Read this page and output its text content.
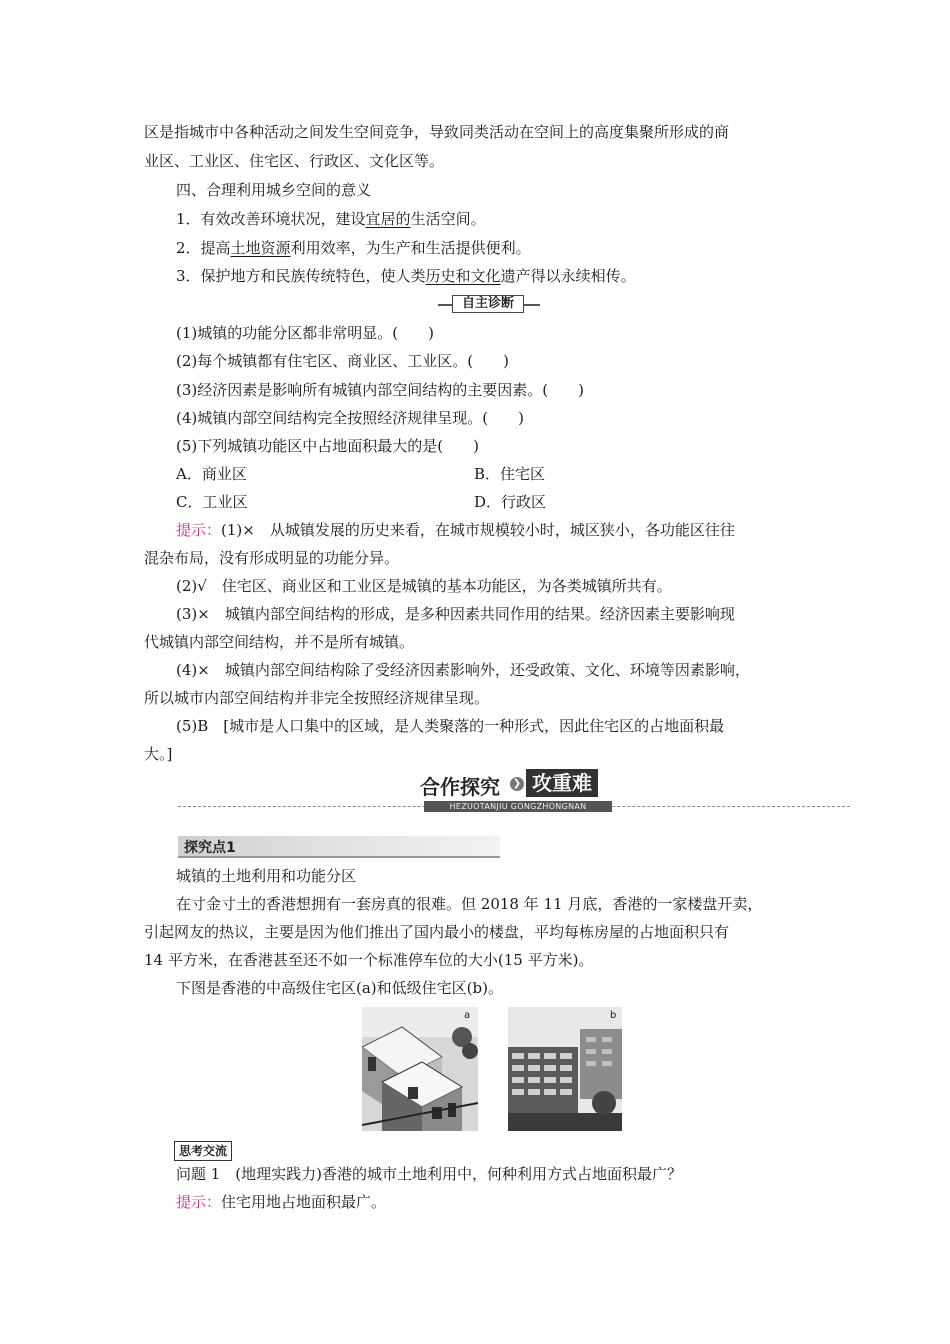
区是指城市中各种活动之间发生空间竞争，导致同类活动在空间上的高度集聚所形成的商
业区、工业区、住宅区、行政区、文化区等。
四、合理利用城乡空间的意义
1．有效改善环境状况，建设宜居的生活空间。
2．提高土地资源利用效率，为生产和生活提供便利。
3．保护地方和民族传统特色，使人类历史和文化遗产得以永续相传。
自主诊断
(1)城镇的功能分区都非常明显。(　　)
(2)每个城镇都有住宅区、商业区、工业区。(　　)
(3)经济因素是影响所有城镇内部空间结构的主要因素。(　　)
(4)城镇内部空间结构完全按照经济规律呈现。(　　)
(5)下列城镇功能区中占地面积最大的是(　　)
A．商业区	B．住宅区
C．工业区	D．行政区
提示：(1)×　从城镇发展的历史来看，在城市规模较小时，城区狭小，各功能区往往
混杂布局，没有形成明显的功能分异。
(2)√　住宅区、商业区和工业区是城镇的基本功能区，为各类城镇所共有。
(3)×　城镇内部空间结构的形成，是多种因素共同作用的结果。经济因素主要影响现
代城镇内部空间结构，并不是所有城镇。
(4)×　城镇内部空间结构除了受经济因素影响外，还受政策、文化、环境等因素影响，
所以城市内部空间结构并非完全按照经济规律呈现。
(5)B　[城市是人口集中的区域，是人类聚落的一种形式，因此住宅区的占地面积最
大。]
合作探究 ❯ 攻重难
HEZUOTANJIU GONGZHONGNAN
探究点1
城镇的土地利用和功能分区
在寸金寸土的香港想拥有一套房真的很难。但 2018 年 11 月底，香港的一家楼盘开卖，
引起网友的热议，主要是因为他们推出了国内最小的楼盘，平均每栋房屋的占地面积只有
14 平方米，在香港甚至还不如一个标准停车位的大小(15 平方米)。
下图是香港的中高级住宅区(a)和低级住宅区(b)。
a	b
思考交流
问题 1　(地理实践力)香港的城市土地利用中，何种利用方式占地面积最广？
提示：住宅用地占地面积最广。
